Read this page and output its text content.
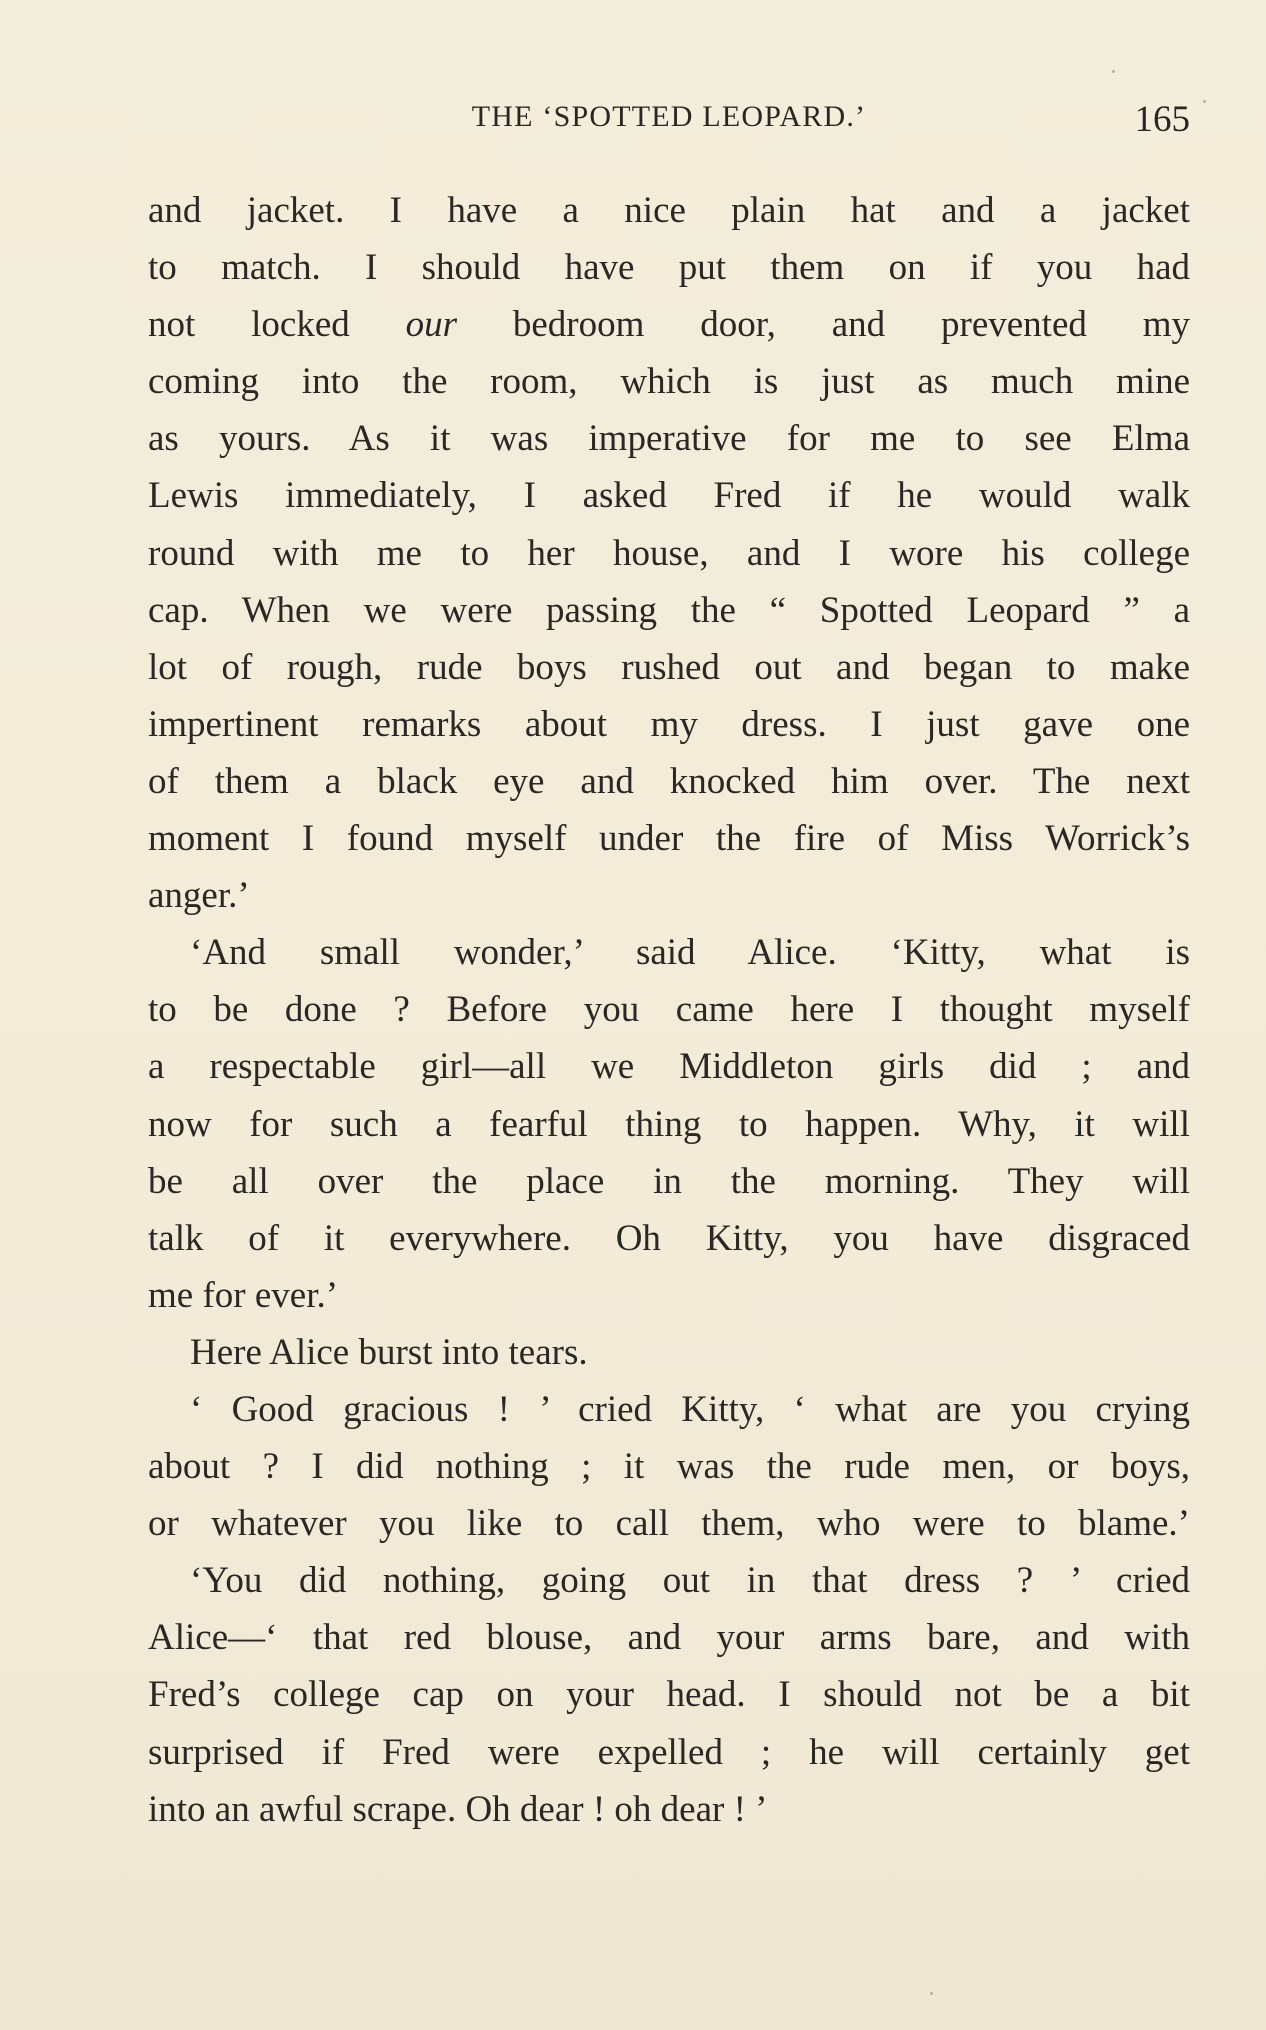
THE ‘SPOTTED LEOPARD.’	165
and jacket. I have a nice plain hat and a jacket
to match. I should have put them on if you had
not locked our bedroom door, and prevented my
coming into the room, which is just as much mine
as yours. As it was imperative for me to see Elma
Lewis immediately, I asked Fred if he would walk
round with me to her house, and I wore his college
cap. When we were passing the “ Spotted Leopard ” a
lot of rough, rude boys rushed out and began to make
impertinent remarks about my dress. I just gave one
of them a black eye and knocked him over. The next
moment I found myself under the fire of Miss Worrick’s
anger.’
‘And small wonder,’ said Alice. ‘Kitty, what is
to be done ? Before you came here I thought myself
a respectable girl—all we Middleton girls did ; and
now for such a fearful thing to happen. Why, it will
be all over the place in the morning. They will
talk of it everywhere. Oh Kitty, you have disgraced
me for ever.’
Here Alice burst into tears.
‘ Good gracious ! ’ cried Kitty, ‘ what are you crying
about ? I did nothing ; it was the rude men, or boys,
or whatever you like to call them, who were to blame.’
‘You did nothing, going out in that dress ? ’ cried
Alice—‘ that red blouse, and your arms bare, and with
Fred’s college cap on your head. I should not be a bit
surprised if Fred were expelled ; he will certainly get
into an awful scrape. Oh dear ! oh dear ! ’
